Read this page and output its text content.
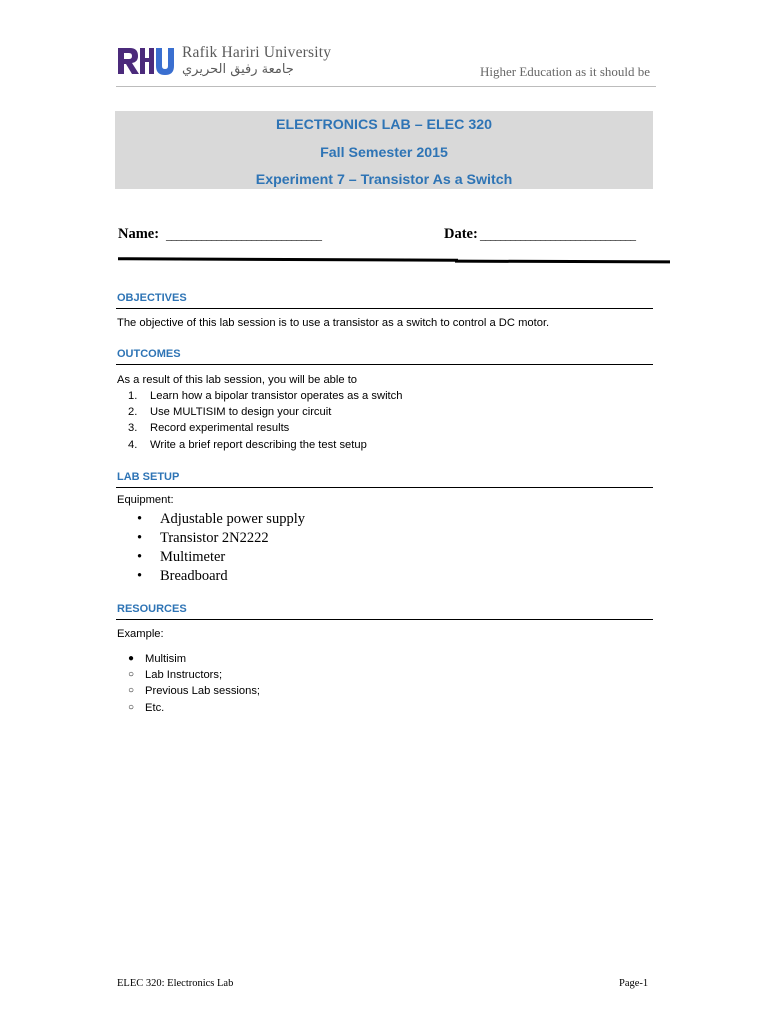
Rafik Hariri University
جامعة رفيق الحريري	Higher Education as it should be
ELECTRONICS LAB – ELEC 320
Fall Semester 2015
Experiment 7 – Transistor As a Switch
Name: _______________________________	Date: _______________________________
OBJECTIVES
The objective of this lab session is to use a transistor as a switch to control a DC motor.
OUTCOMES
As a result of this lab session, you will be able to
1. Learn how a bipolar transistor operates as a switch
2. Use MULTISIM to design your circuit
3. Record experimental results
4. Write a brief report describing the test setup
LAB SETUP
Equipment:
• Adjustable power supply
• Transistor 2N2222
• Multimeter
• Breadboard
RESOURCES
Example:
● Multisim
○ Lab Instructors;
○ Previous Lab sessions;
○ Etc.
ELEC 320: Electronics Lab	Page-1
